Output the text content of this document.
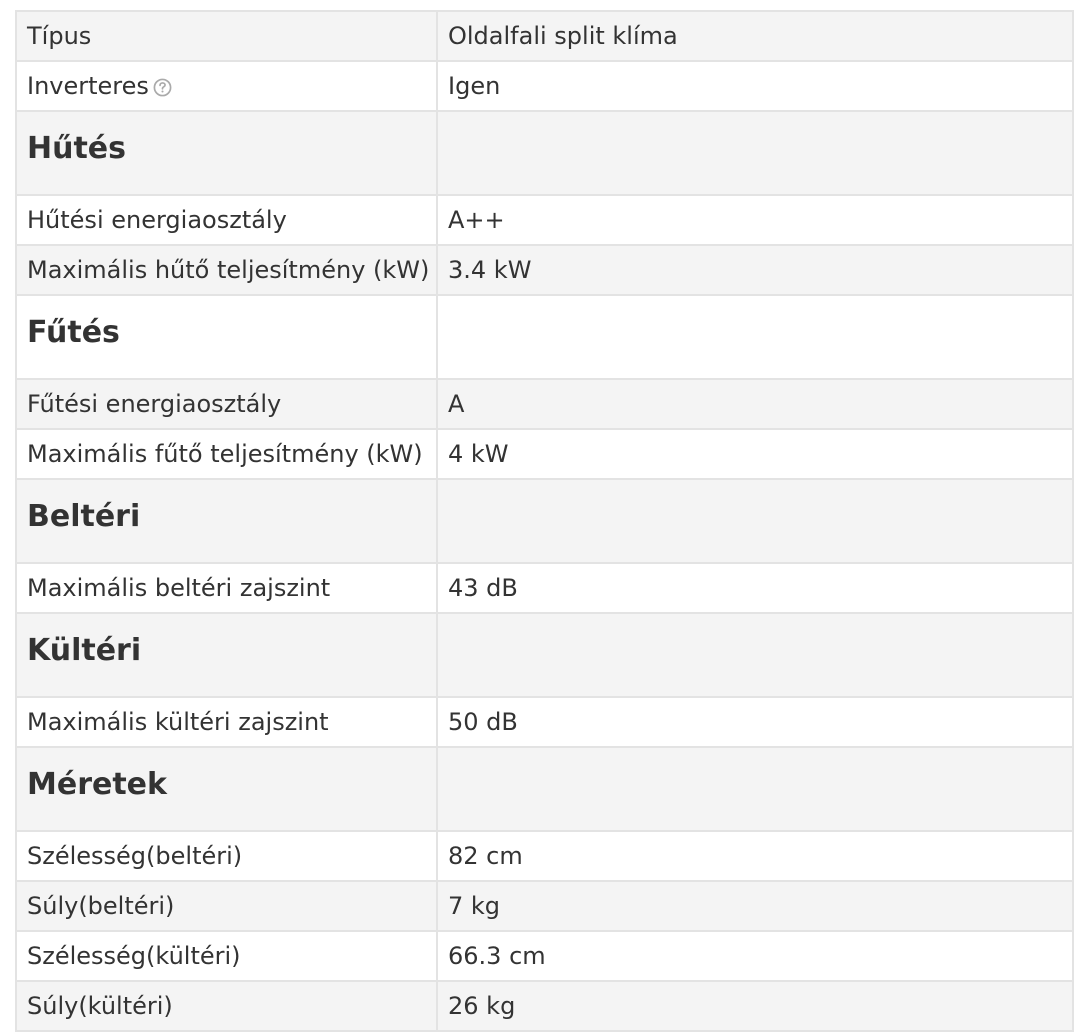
Típus	Oldalfali split klíma
Inverteres	Igen
Hűtés	
Hűtési energiaosztály	A++
Maximális hűtő teljesítmény (kW)	3.4 kW
Fűtés	
Fűtési energiaosztály	A
Maximális fűtő teljesítmény (kW)	4 kW
Beltéri	
Maximális beltéri zajszint	43 dB
Kültéri	
Maximális kültéri zajszint	50 dB
Méretek	
Szélesség(beltéri)	82 cm
Súly(beltéri)	7 kg
Szélesség(kültéri)	66.3 cm
Súly(kültéri)	26 kg
